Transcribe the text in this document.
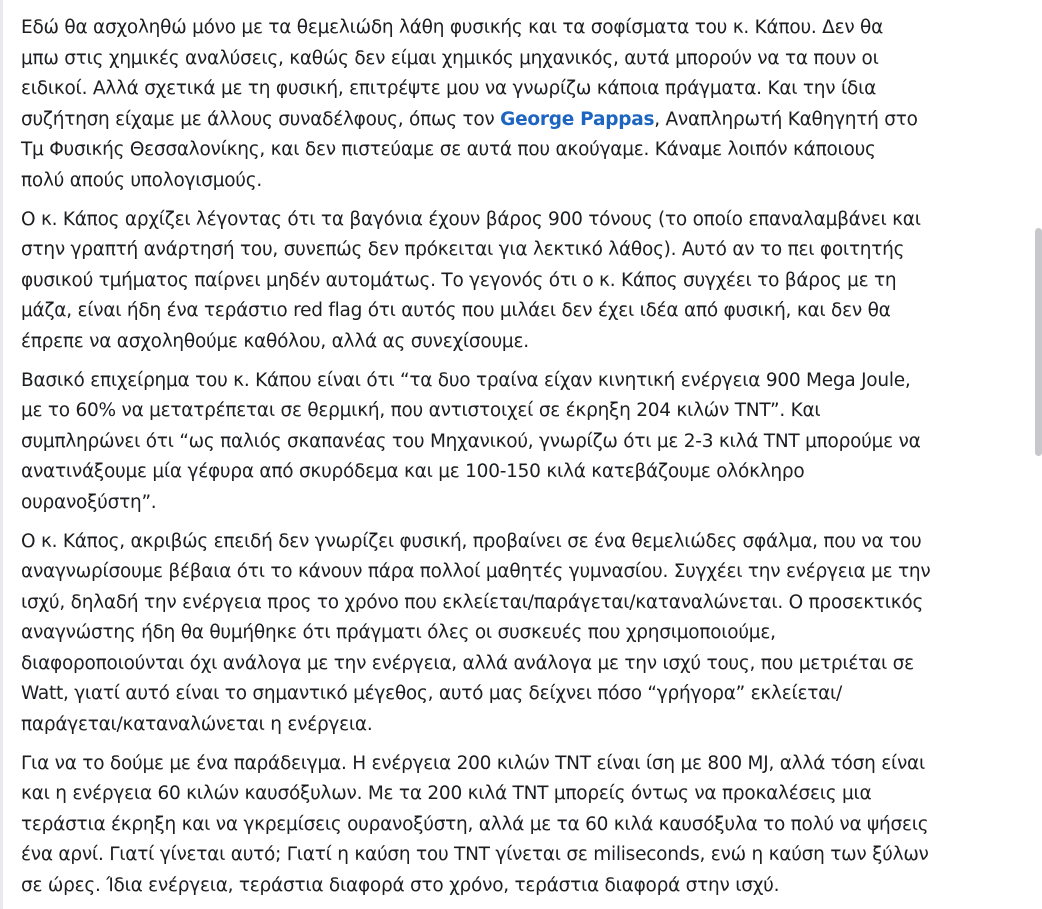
Εδώ θα ασχοληθώ μόνο με τα θεμελιώδη λάθη φυσικής και τα σοφίσματα του κ. Κάπου. Δεν θα
μπω στις χημικές αναλύσεις, καθώς δεν είμαι χημικός μηχανικός, αυτά μπορούν να τα πουν οι
ειδικοί. Αλλά σχετικά με τη φυσική, επιτρέψτε μου να γνωρίζω κάποια πράγματα. Και την ίδια
συζήτηση είχαμε με άλλους συναδέλφους, όπως τον George Pappas, Αναπληρωτή Καθηγητή στο
Τμ Φυσικής Θεσσαλονίκης, και δεν πιστεύαμε σε αυτά που ακούγαμε. Κάναμε λοιπόν κάποιους
πολύ απούς υπολογισμούς.

Ο κ. Κάπος αρχίζει λέγοντας ότι τα βαγόνια έχουν βάρος 900 τόνους (το οποίο επαναλαμβάνει και
στην γραπτή ανάρτησή του, συνεπώς δεν πρόκειται για λεκτικό λάθος). Αυτό αν το πει φοιτητής
φυσικού τμήματος παίρνει μηδέν αυτομάτως. Το γεγονός ότι ο κ. Κάπος συγχέει το βάρος με τη
μάζα, είναι ήδη ένα τεράστιο red flag ότι αυτός που μιλάει δεν έχει ιδέα από φυσική, και δεν θα
έπρεπε να ασχοληθούμε καθόλου, αλλά ας συνεχίσουμε.

Βασικό επιχείρημα του κ. Κάπου είναι ότι “τα δυο τραίνα είχαν κινητική ενέργεια 900 Mega Joule,
με το 60% να μετατρέπεται σε θερμική, που αντιστοιχεί σε έκρηξη 204 κιλών TNT”. Και
συμπληρώνει ότι “ως παλιός σκαπανέας του Μηχανικού, γνωρίζω ότι με 2-3 κιλά TNT μπορούμε να
ανατινάξουμε μία γέφυρα από σκυρόδεμα και με 100-150 κιλά κατεβάζουμε ολόκληρο
ουρανοξύστη”.

Ο κ. Κάπος, ακριβώς επειδή δεν γνωρίζει φυσική, προβαίνει σε ένα θεμελιώδες σφάλμα, που να του
αναγνωρίσουμε βέβαια ότι το κάνουν πάρα πολλοί μαθητές γυμνασίου. Συγχέει την ενέργεια με την
ισχύ, δηλαδή την ενέργεια προς το χρόνο που εκλείεται/παράγεται/καταναλώνεται. Ο προσεκτικός
αναγνώστης ήδη θα θυμήθηκε ότι πράγματι όλες οι συσκευές που χρησιμοποιούμε,
διαφοροποιούνται όχι ανάλογα με την ενέργεια, αλλά ανάλογα με την ισχύ τους, που μετριέται σε
Watt, γιατί αυτό είναι το σημαντικό μέγεθος, αυτό μας δείχνει πόσο “γρήγορα” εκλείεται/
παράγεται/καταναλώνεται η ενέργεια.

Για να το δούμε με ένα παράδειγμα. Η ενέργεια 200 κιλών TNT είναι ίση με 800 MJ, αλλά τόση είναι
και η ενέργεια 60 κιλών καυσόξυλων. Με τα 200 κιλά TNT μπορείς όντως να προκαλέσεις μια
τεράστια έκρηξη και να γκρεμίσεις ουρανοξύστη, αλλά με τα 60 κιλά καυσόξυλα το πολύ να ψήσεις
ένα αρνί. Γιατί γίνεται αυτό; Γιατί η καύση του TNT γίνεται σε miliseconds, ενώ η καύση των ξύλων
σε ώρες. Ίδια ενέργεια, τεράστια διαφορά στο χρόνο, τεράστια διαφορά στην ισχύ.
